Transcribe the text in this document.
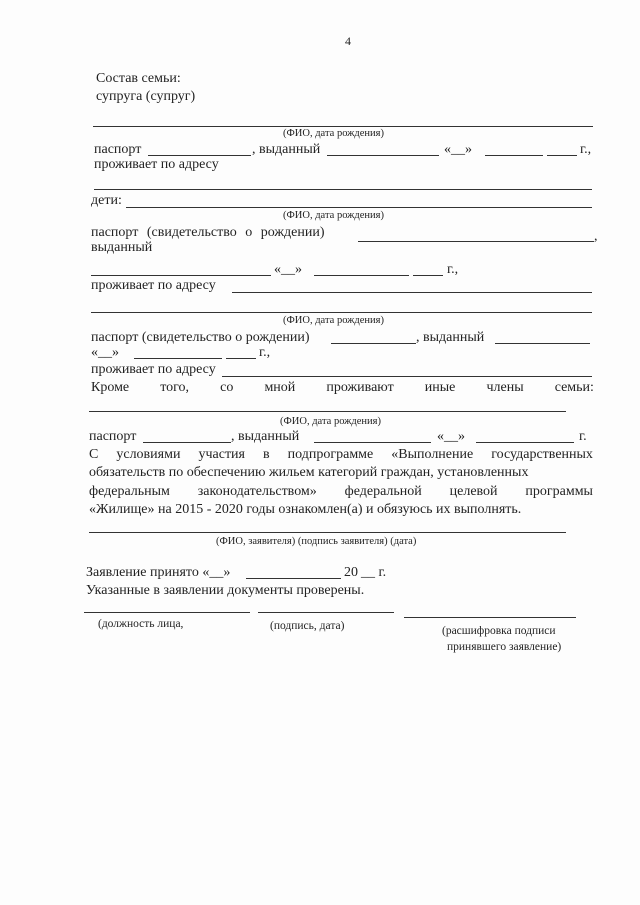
4
Состав семьи:
супруга (супруг)
(ФИО, дата рождения)
паспорт	, выданный	«__»	г.,
проживает по адресу
дети:
(ФИО, дата рождения)
паспорт (свидетельство о рождении)	,
выданный
«__»	г.,
проживает по адресу
(ФИО, дата рождения)
паспорт (свидетельство о рождении)	, выданный
«__»	г.,
проживает по адресу
Кроме того, со мной проживают иные члены семьи:
(ФИО, дата рождения)
паспорт	, выданный	«__»	г.
С условиями участия в подпрограмме «Выполнение государственных
обязательств по обеспечению жильем категорий граждан, установленных
федеральным законодательством» федеральной целевой программы
«Жилище» на 2015 - 2020 годы ознакомлен(а) и обязуюсь их выполнять.
(ФИО, заявителя) (подпись заявителя) (дата)
Заявление принято «__»	20 __ г.
Указанные в заявлении документы проверены.
(должность лица,	(подпись, дата)	(расшифровка подписи
принявшего заявление)
